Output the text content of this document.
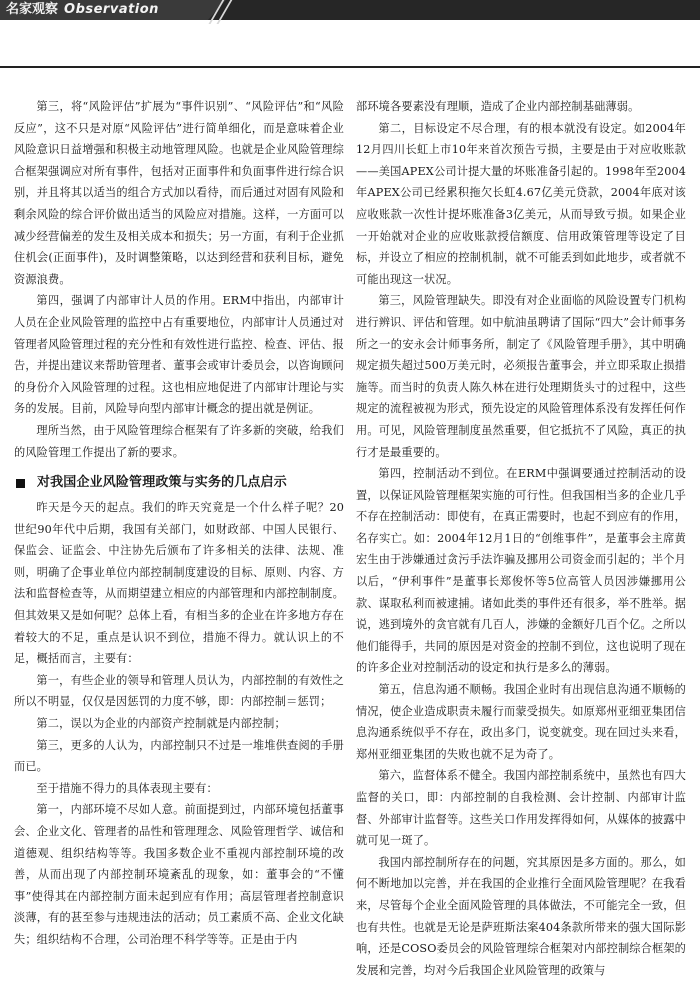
名家观察 Observation

第三，将“风险评估”扩展为“事件识别”、“风险评估”和“风险反应”，这不只是对原“风险评估”进行简单细化，而是意味着企业风险意识日益增强和积极主动地管理风险。也就是企业风险管理综合框架强调应对所有事件，包括对正面事件和负面事件进行综合识别，并且将其以适当的组合方式加以看待，而后通过对固有风险和剩余风险的综合评价做出适当的风险应对措施。这样，一方面可以减少经营偏差的发生及相关成本和损失；另一方面，有利于企业抓住机会(正面事件)，及时调整策略，以达到经营和获利目标，避免资源浪费。

第四，强调了内部审计人员的作用。ERM中指出，内部审计人员在企业风险管理的监控中占有重要地位，内部审计人员通过对管理者风险管理过程的充分性和有效性进行监控、检查、评估、报告，并提出建议来帮助管理者、董事会或审计委员会，以咨询顾问的身份介入风险管理的过程。这也相应地促进了内部审计理论与实务的发展。目前，风险导向型内部审计概念的提出就是例证。

理所当然，由于风险管理综合框架有了许多新的突破，给我们的风险管理工作提出了新的要求。

对我国企业风险管理政策与实务的几点启示

昨天是今天的起点。我们的昨天究竟是一个什么样子呢？20世纪90年代中后期，我国有关部门，如财政部、中国人民银行、保监会、证监会、中注协先后颁布了许多相关的法律、法规、准则，明确了企事业单位内部控制制度建设的目标、原则、内容、方法和监督检查等，从而期望建立相应的内部管理和内部控制制度。但其效果又是如何呢？总体上看，有相当多的企业在许多地方存在着较大的不足，重点是认识不到位，措施不得力。就认识上的不足，概括而言，主要有：

第一，有些企业的领导和管理人员认为，内部控制的有效性之所以不明显，仅仅是因惩罚的力度不够，即：内部控制＝惩罚；

第二，误以为企业的内部资产控制就是内部控制；

第三，更多的人认为，内部控制只不过是一堆堆供查阅的手册而已。

至于措施不得力的具体表现主要有：

第一，内部环境不尽如人意。前面提到过，内部环境包括董事会、企业文化、管理者的品性和管理理念、风险管理哲学、诚信和道德观、组织结构等等。我国多数企业不重视内部控制环境的改善，从而出现了内部控制环境紊乱的现象，如：董事会的“不懂事”使得其在内部控制方面未起到应有作用；高层管理者控制意识淡薄，有的甚至参与违规违法的活动；员工素质不高、企业文化缺失；组织结构不合理，公司治理不科学等等。正是由于内

部环境各要素没有理顺，造成了企业内部控制基础薄弱。

第二，目标设定不尽合理，有的根本就没有设定。如2004年12月四川长虹上市10年来首次预告亏损，主要是由于对应收账款——美国APEX公司计提大量的坏账准备引起的。1998年至2004年APEX公司已经累积拖欠长虹4.67亿美元贷款，2004年底对该应收账款一次性计提坏账准备3亿美元，从而导致亏损。如果企业一开始就对企业的应收账款授信额度、信用政策管理等设定了目标，并设立了相应的控制机制，就不可能丢到如此地步，或者就不可能出现这一状况。

第三，风险管理缺失。即没有对企业面临的风险设置专门机构进行辨识、评估和管理。如中航油虽聘请了国际“四大”会计师事务所之一的安永会计师事务所，制定了《风险管理手册》，其中明确规定损失超过500万美元时，必须报告董事会，并立即采取止损措施等。而当时的负责人陈久林在进行处理期货头寸的过程中，这些规定的流程被视为形式，预先设定的风险管理体系没有发挥任何作用。可见，风险管理制度虽然重要，但它抵抗不了风险，真正的执行才是最重要的。

第四，控制活动不到位。在ERM中强调要通过控制活动的设置，以保证风险管理框架实施的可行性。但我国相当多的企业几乎不存在控制活动：即使有，在真正需要时，也起不到应有的作用，名存实亡。如：2004年12月1日的“创维事件”，是董事会主席黄宏生由于涉嫌通过贪污手法诈骗及挪用公司资金而引起的；半个月以后，“伊利事件”是董事长郑俊怀等5位高管人员因涉嫌挪用公款、谋取私利而被逮捕。诸如此类的事件还有很多，举不胜举。据说，逃到境外的贪官就有几百人，涉嫌的金额好几百个亿。之所以他们能得手，共同的原因是对资金的控制不到位，这也说明了现在的许多企业对控制活动的设定和执行是多么的薄弱。

第五，信息沟通不顺畅。我国企业时有出现信息沟通不顺畅的情况，使企业造成职责未履行而蒙受损失。如原郑州亚细亚集团信息沟通系统似乎不存在，政出多门，说变就变。现在回过头来看，郑州亚细亚集团的失败也就不足为奇了。

第六，监督体系不健全。我国内部控制系统中，虽然也有四大监督的关口，即：内部控制的自我检测、会计控制、内部审计监督、外部审计监督等。这些关口作用发挥得如何，从媒体的披露中就可见一斑了。

我国内部控制所存在的问题，究其原因是多方面的。那么，如何不断地加以完善，并在我国的企业推行全面风险管理呢？在我看来，尽管每个企业全面风险管理的具体做法，不可能完全一致，但也有共性。也就是无论是萨班斯法案404条款所带来的强大国际影响，还是COSO委员会的风险管理综合框架对内部控制综合框架的发展和完善，均对今后我国企业风险管理的政策与
